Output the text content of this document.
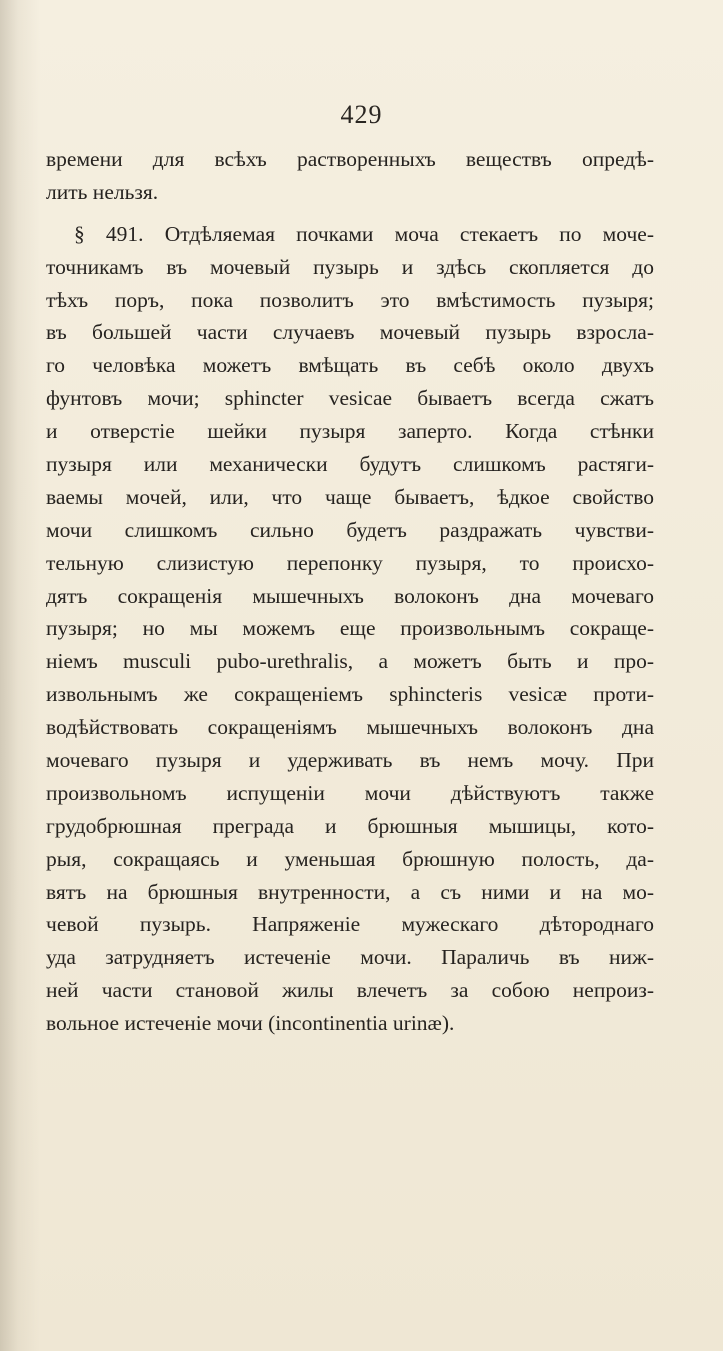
429
времени для всѣхъ растворенныхъ веществъ опредѣ-
лить нельзя.
§ 491. Отдѣляемая почками моча стекаетъ по моче-
точникамъ въ мочевый пузырь и здѣсь скопляется до
тѣхъ поръ, пока позволитъ это вмѣстимость пузыря;
въ большей части случаевъ мочевый пузырь взросла-
го человѣка можетъ вмѣщать въ себѣ около двухъ
фунтовъ мочи; sphincter vesicae бываетъ всегда сжатъ
и отверстіе шейки пузыря заперто. Когда стѣнки
пузыря или механически будутъ слишкомъ растяги-
ваемы мочей, или, что чаще бываетъ, ѣдкое свойство
мочи слишкомъ сильно будетъ раздражать чувстви-
тельную слизистую перепонку пузыря, то происхо-
дятъ сокращенія мышечныхъ волоконъ дна мочеваго
пузыря; но мы можемъ еще произвольнымъ сокраще-
ніемъ musculi pubo-urethralis, а можетъ быть и про-
извольнымъ же сокращеніемъ sphincteris vesicæ проти-
водѣйствовать сокращеніямъ мышечныхъ волоконъ дна
мочеваго пузыря и удерживать въ немъ мочу. При
произвольномъ испущеніи мочи дѣйствуютъ также
грудобрюшная преграда и брюшныя мышицы, кото-
рыя, сокращаясь и уменьшая брюшную полость, да-
вятъ на брюшныя внутренности, а съ ними и на мо-
чевой пузырь. Напряженіе мужескаго дѣтороднаго
уда затрудняетъ истеченіе мочи. Параличь въ ниж-
ней части становой жилы влечетъ за собою непроиз-
вольное истеченіе мочи (incontinentia urinæ).
